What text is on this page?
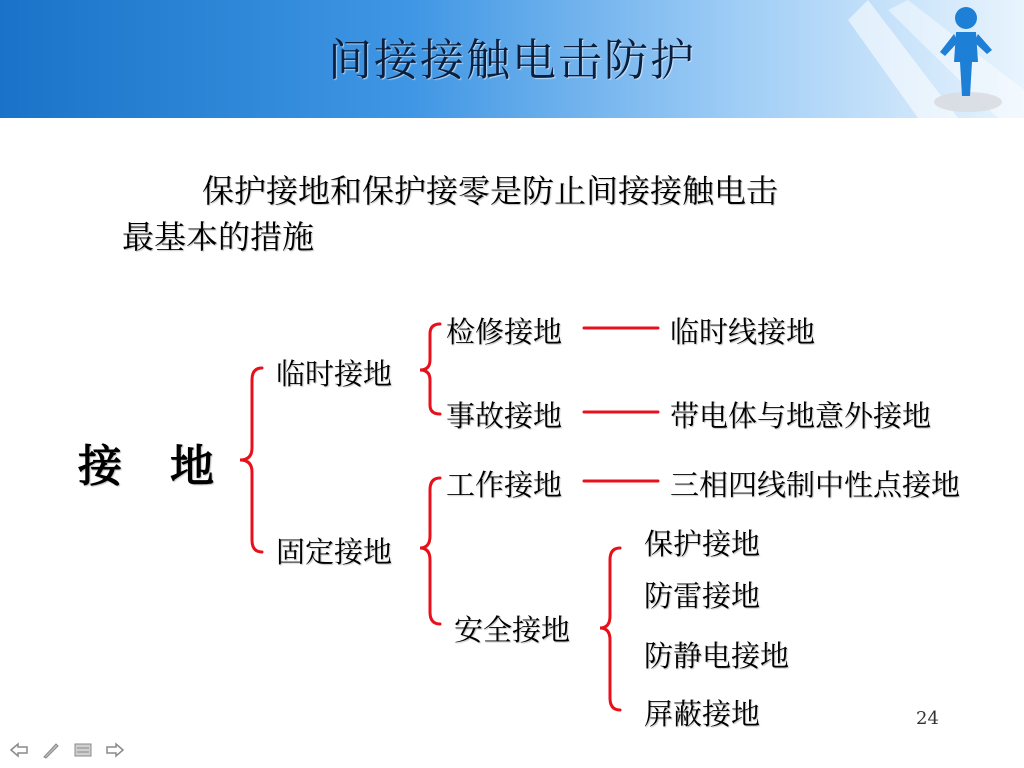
间接接触电击防护
保护接地和保护接零是防止间接接触电击
最基本的措施
接　地
临时接地
固定接地
检修接地	临时线接地
事故接地	带电体与地意外接地
工作接地	三相四线制中性点接地
安全接地
保护接地
防雷接地
防静电接地
屏蔽接地	24
